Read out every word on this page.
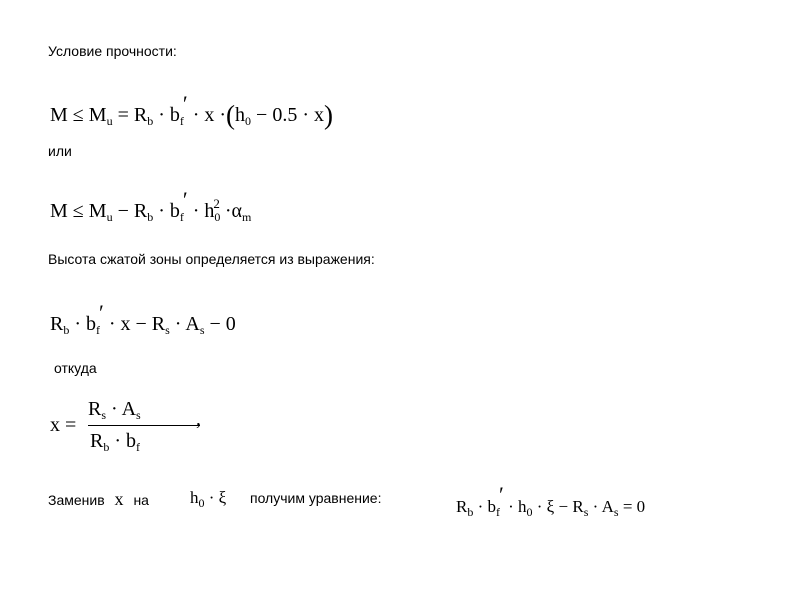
Условие прочности:
$M \le M_u = R_b \cdot b_f' \cdot x \cdot(h_0 - 0.5 \cdot x)$
или
$M \le M_u - R_b \cdot b_f' \cdot h_0^2 \cdot\alpha_m$
Высота сжатой зоны определяется из выражения:
$R_b \cdot b_f' \cdot x - R_s \cdot A_s - 0$
откуда
x =
$R_s \cdot A_s$	,
$R_b \cdot b_f$
Заменив x на $h_0 \cdot \xi$ получим уравнение:	$R_b \cdot b_f' \cdot h_0 \cdot \xi - R_s \cdot A_s = 0$
